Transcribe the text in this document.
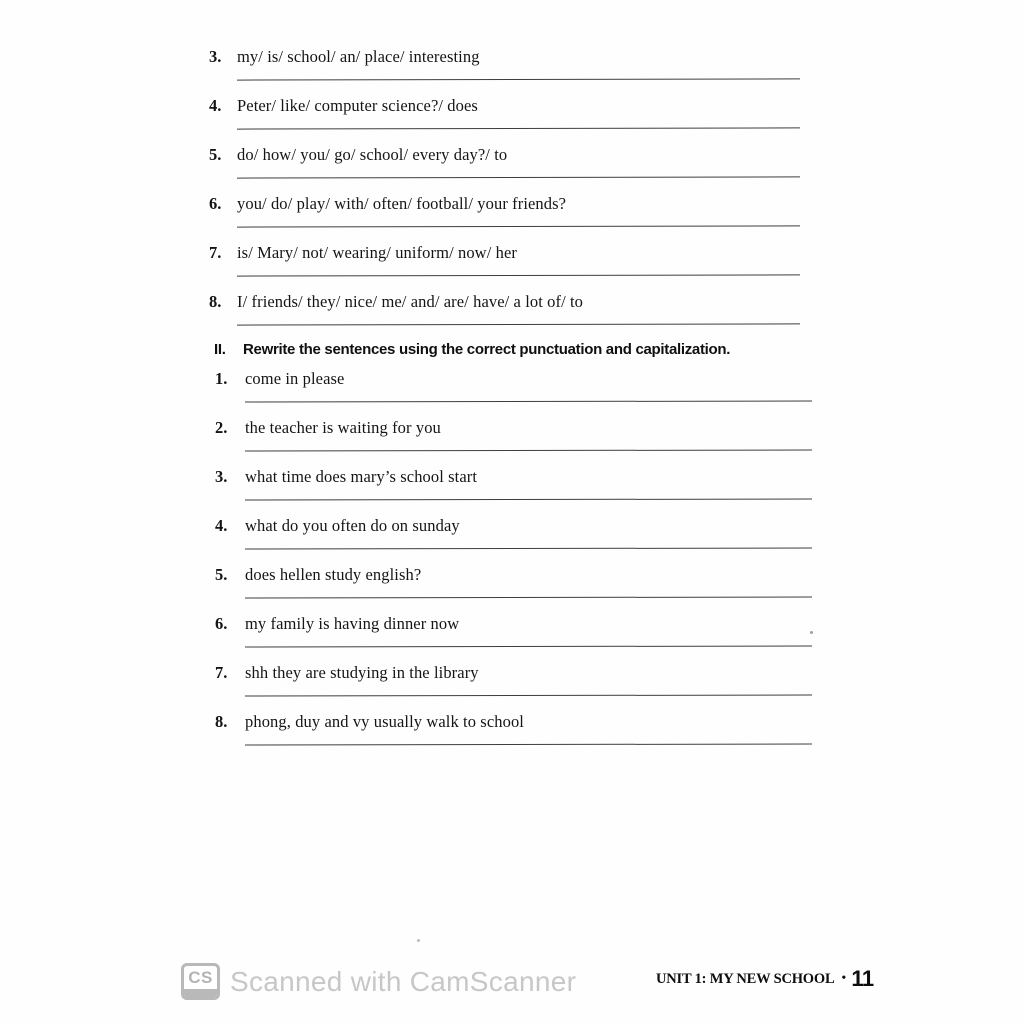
3. my/ is/ school/ an/ place/ interesting
4. Peter/ like/ computer science?/ does
5. do/ how/ you/ go/ school/ every day?/ to
6. you/ do/ play/ with/ often/ football/ your friends?
7. is/ Mary/ not/ wearing/ uniform/ now/ her
8. I/ friends/ they/ nice/ me/ and/ are/ have/ a lot of/ to
II.	Rewrite the sentences using the correct punctuation and capitalization.
1.	come in please
2.	the teacher is waiting for you
3.	what time does mary’s school start
4.	what do you often do on sunday
5.	does hellen study english?
6.	my family is having dinner now
7.	shh they are studying in the library
8.	phong, duy and vy usually walk to school
CS Scanned with CamScanner	UNIT 1: MY NEW SCHOOL • 11
